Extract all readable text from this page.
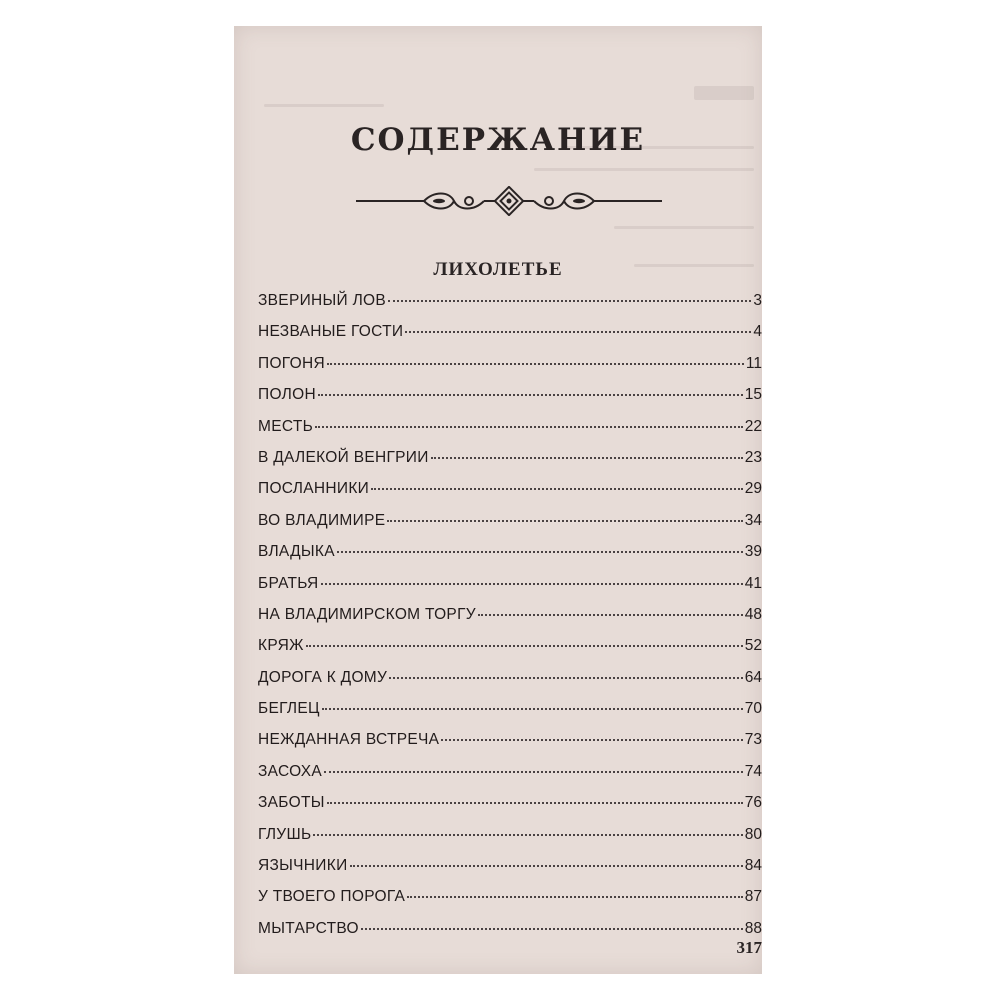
СОДЕРЖАНИЕ
ЛИХОЛЕТЬЕ
ЗВЕРИНЫЙ ЛОВ	3
НЕЗВАНЫЕ ГОСТИ	4
ПОГОНЯ	11
ПОЛОН	15
МЕСТЬ	22
В ДАЛЕКОЙ ВЕНГРИИ	23
ПОСЛАННИКИ	29
ВО ВЛАДИМИРЕ	34
ВЛАДЫКА	39
БРАТЬЯ	41
НА ВЛАДИМИРСКОМ ТОРГУ	48
КРЯЖ	52
ДОРОГА К ДОМУ	64
БЕГЛЕЦ	70
НЕЖДАННАЯ ВСТРЕЧА	73
ЗАСОХА	74
ЗАБОТЫ	76
ГЛУШЬ	80
ЯЗЫЧНИКИ	84
У ТВОЕГО ПОРОГА	87
МЫТАРСТВО	88
317
